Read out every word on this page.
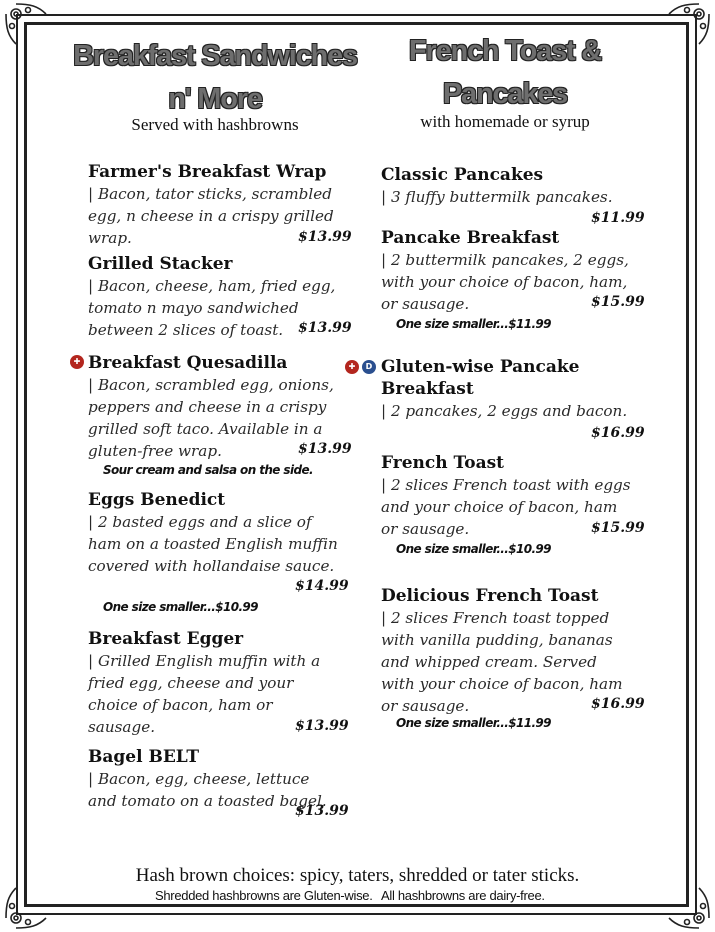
Breakfast Sandwiches
n' More
Served with hashbrowns
French Toast &
Pancakes
with homemade or syrup
Farmer's Breakfast Wrap
| Bacon, tator sticks, scrambled egg, n cheese in a crispy grilled wrap.	$13.99
Grilled Stacker
| Bacon, cheese, ham, fried egg, tomato n mayo sandwiched between 2 slices of toast.	$13.99
✚ Breakfast Quesadilla
| Bacon, scrambled egg, onions, peppers and cheese in a crispy grilled soft taco. Available in a gluten-free wrap.	$13.99
Sour cream and salsa on the side.
Eggs Benedict
| 2 basted eggs and a slice of ham on a toasted English muffin covered with hollandaise sauce.
$14.99
One size smaller...$10.99
Breakfast Egger
| Grilled English muffin with a fried egg, cheese and your choice of bacon, ham or sausage.	$13.99
Bagel BELT
| Bacon, egg, cheese, lettuce and tomato on a toasted bagel.
$13.99
Classic Pancakes
| 3 fluffy buttermilk pancakes.
$11.99
Pancake Breakfast
| 2 buttermilk pancakes, 2 eggs, with your choice of bacon, ham, or sausage.	$15.99
One size smaller...$11.99
✚	D Gluten-wise Pancake Breakfast
| 2 pancakes, 2 eggs and bacon.
$16.99
French Toast
| 2 slices French toast with eggs and your choice of bacon, ham or sausage.	$15.99
One size smaller...$10.99
Delicious French Toast
| 2 slices French toast topped with vanilla pudding, bananas and whipped cream. Served with your choice of bacon, ham or sausage.	$16.99
One size smaller...$11.99
Hash brown choices: spicy, taters, shredded or tater sticks.
Shredded hashbrowns are Gluten-wise. All hashbrowns are dairy-free.
